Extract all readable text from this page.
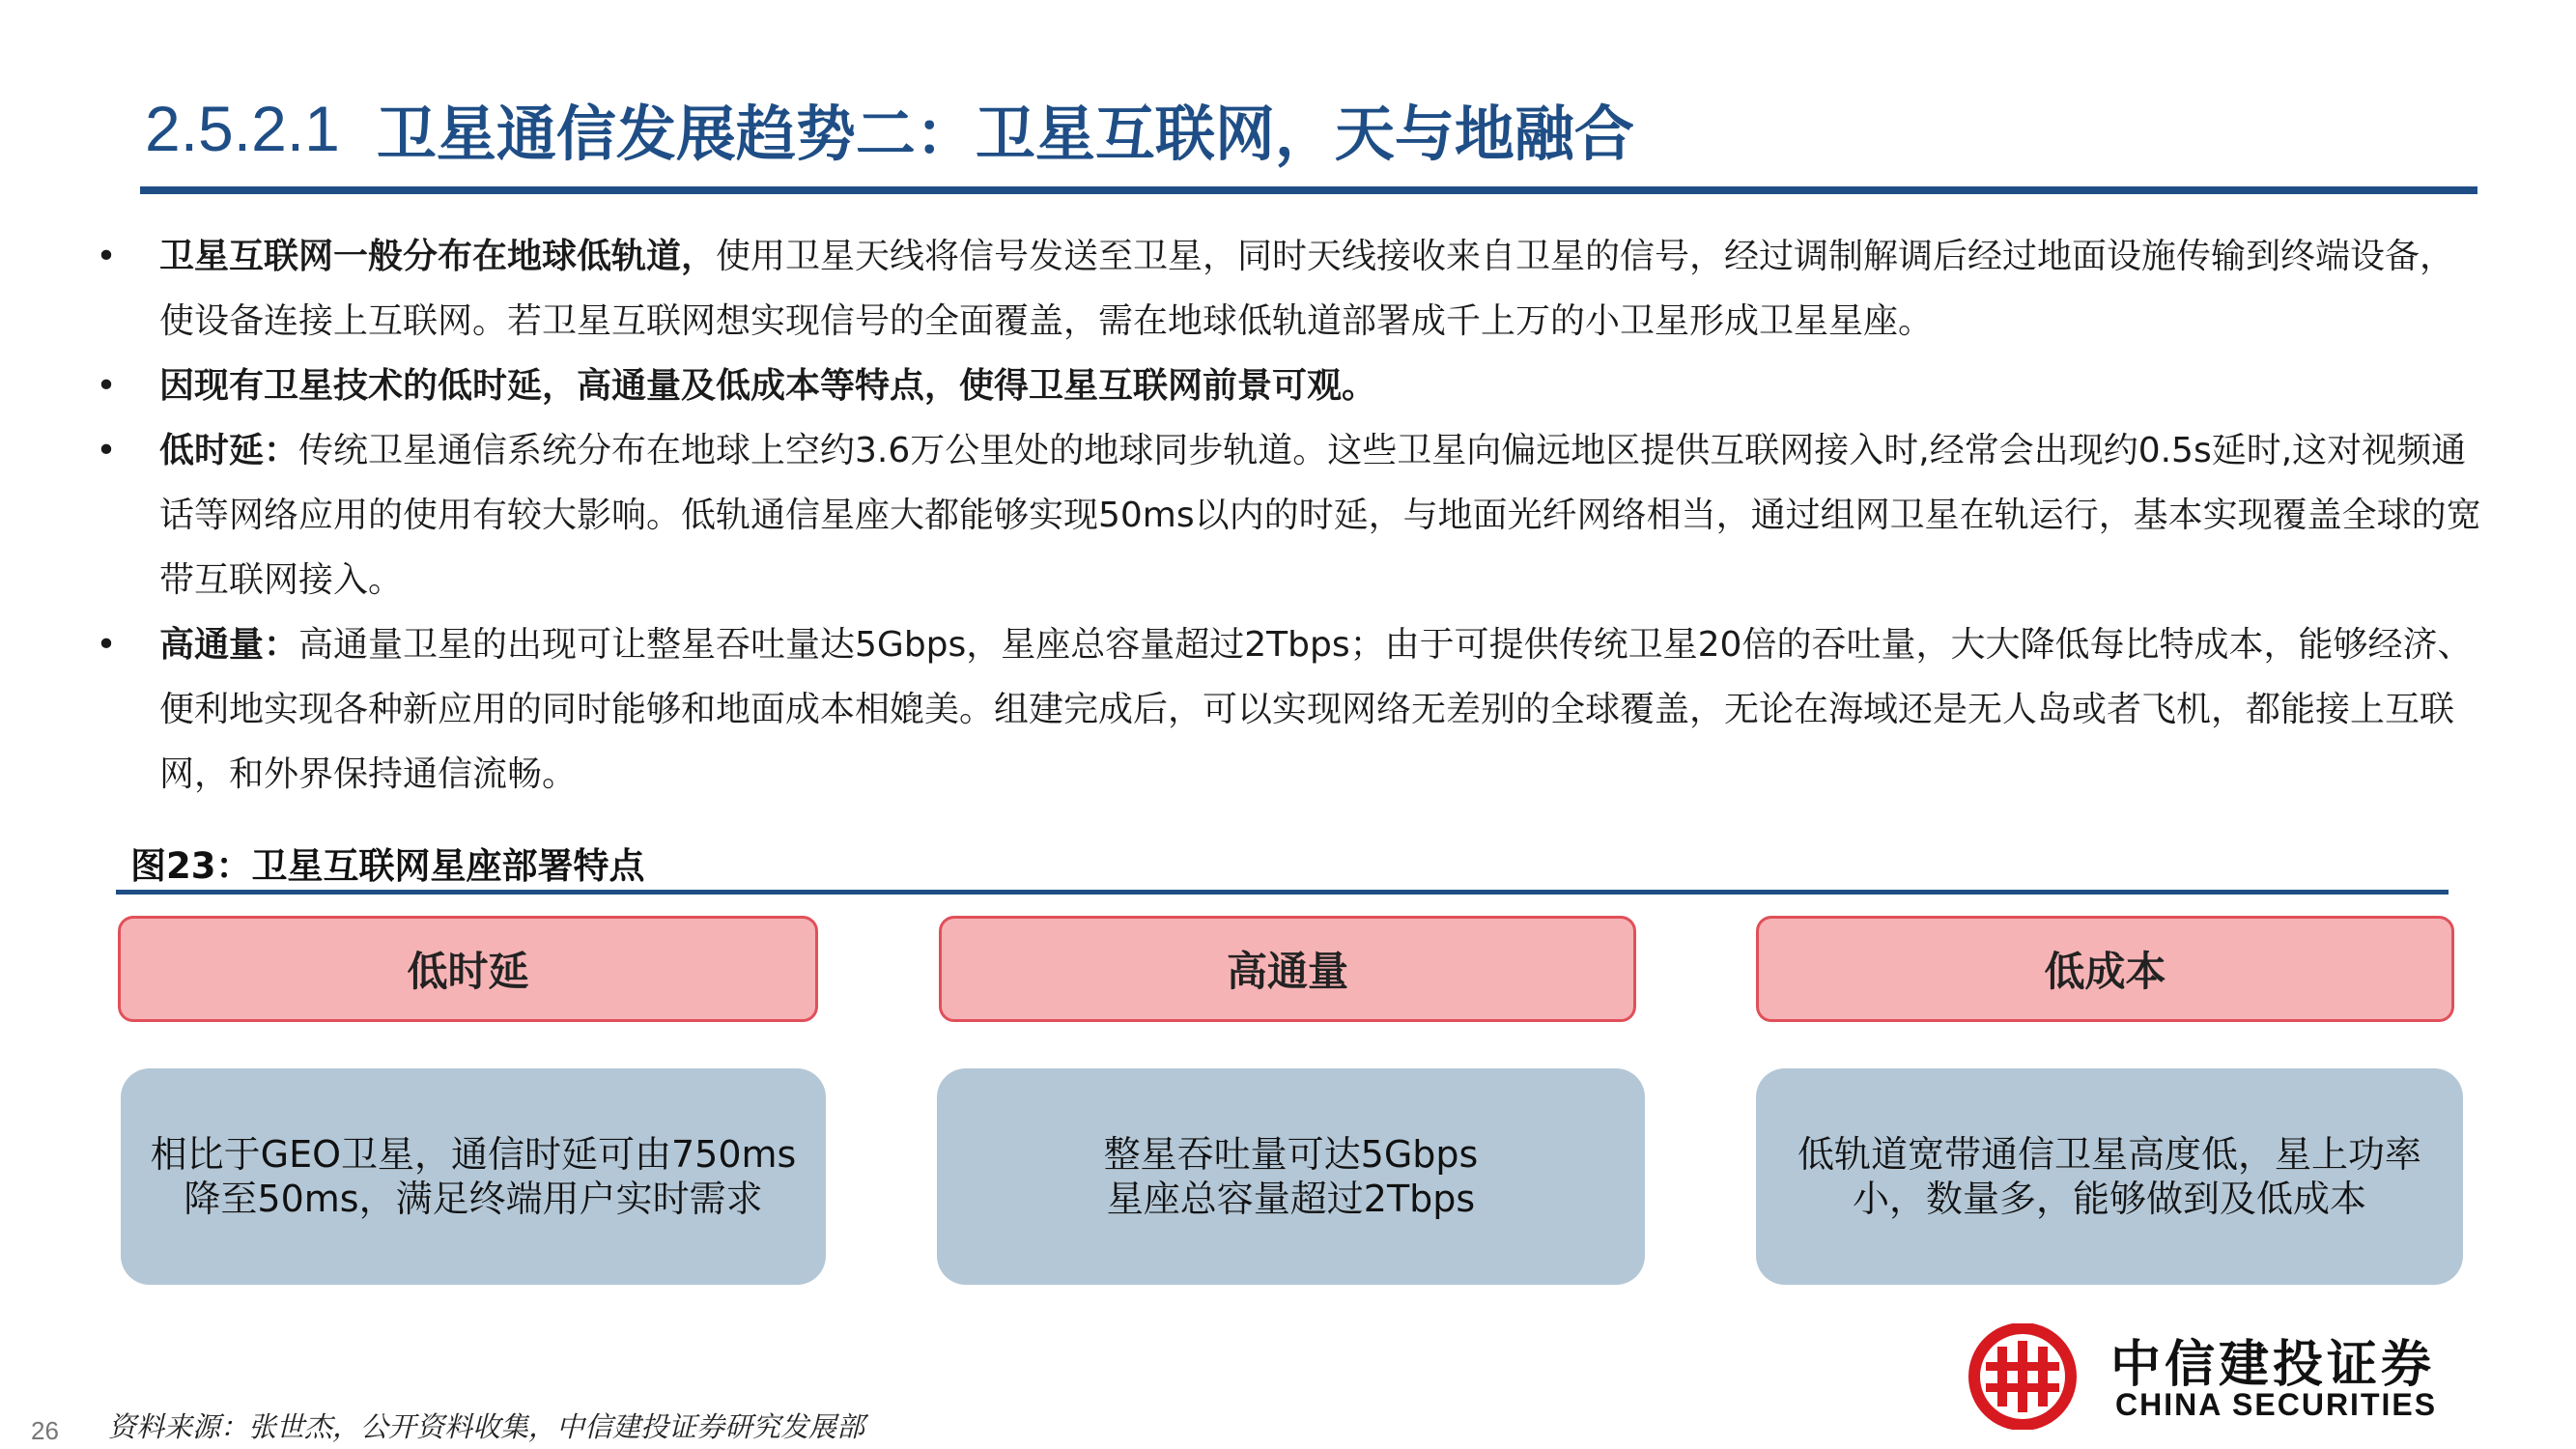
2.5.2.1 卫星通信发展趋势二：卫星互联网，天与地融合
• 卫星互联网一般分布在地球低轨道，使用卫星天线将信号发送至卫星，同时天线接收来自卫星的信号，经过调制解调后经过地面设施传输到终端设备，使设备连接上互联网。若卫星互联网想实现信号的全面覆盖，需在地球低轨道部署成千上万的小卫星形成卫星星座。
• 因现有卫星技术的低时延，高通量及低成本等特点，使得卫星互联网前景可观。
• 低时延：传统卫星通信系统分布在地球上空约3.6万公里处的地球同步轨道。这些卫星向偏远地区提供互联网接入时,经常会出现约0.5s延时,这对视频通话等网络应用的使用有较大影响。低轨通信星座大都能够实现50ms以内的时延，与地面光纤网络相当，通过组网卫星在轨运行，基本实现覆盖全球的宽带互联网接入。
• 高通量：高通量卫星的出现可让整星吞吐量达5Gbps，星座总容量超过2Tbps；由于可提供传统卫星20倍的吞吐量，大大降低每比特成本，能够经济、便利地实现各种新应用的同时能够和地面成本相媲美。组建完成后，可以实现网络无差别的全球覆盖，无论在海域还是无人岛或者飞机，都能接上互联网，和外界保持通信流畅。
图23：卫星互联网星座部署特点
低时延	高通量	低成本
相比于GEO卫星，通信时延可由750ms
降至50ms，满足终端用户实时需求
整星吞吐量可达5Gbps
星座总容量超过2Tbps
低轨道宽带通信卫星高度低，星上功率
小，数量多，能够做到及低成本
26 资料来源：张世杰，公开资料收集，中信建投证券研究发展部
中信建投证券
CHINA SECURITIES
